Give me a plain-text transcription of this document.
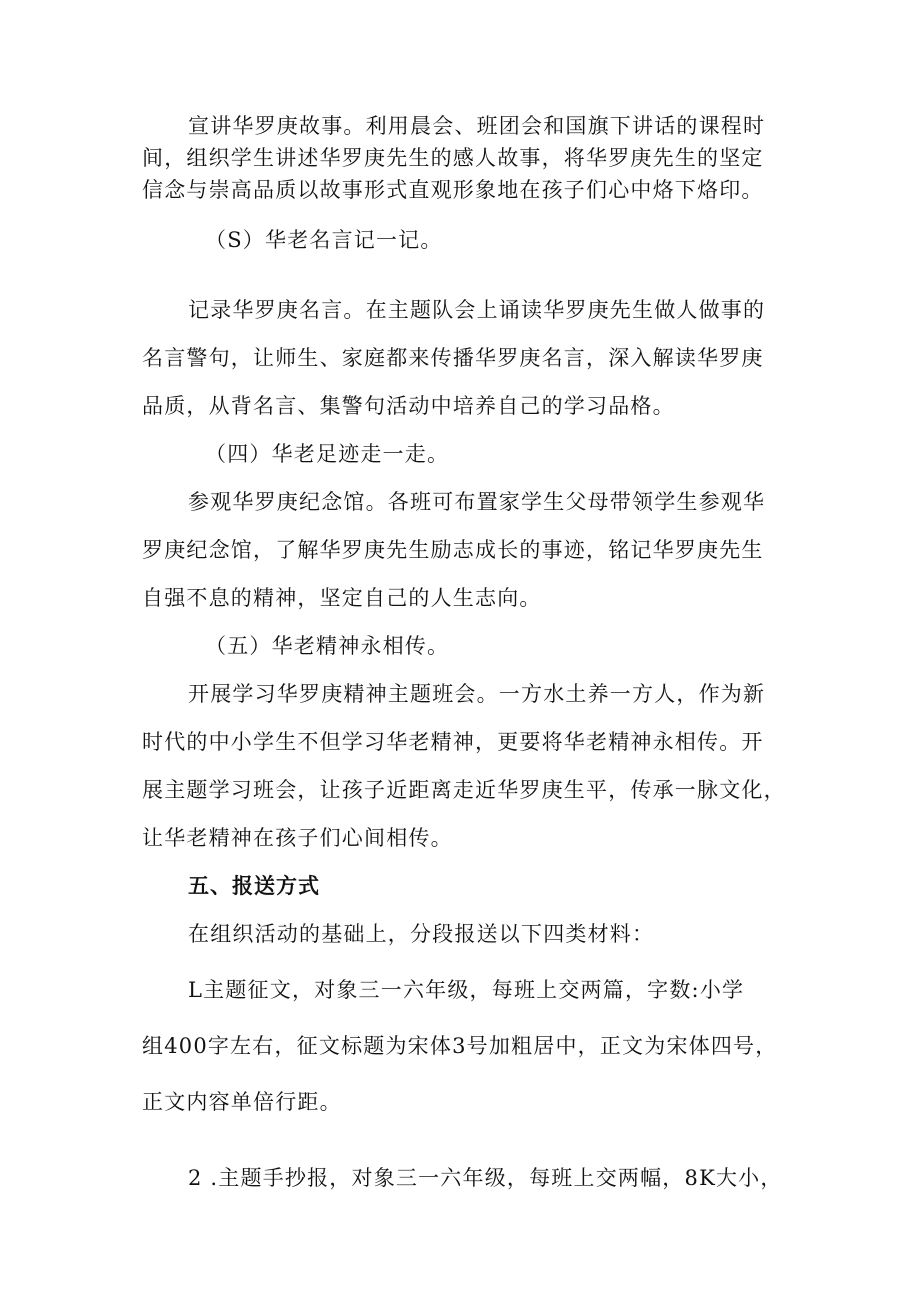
宣讲华罗庚故事。利用晨会、班团会和国旗下讲话的课程时
间，组织学生讲述华罗庚先生的感人故事，将华罗庚先生的坚定
信念与崇高品质以故事形式直观形象地在孩子们心中烙下烙印。
（S）华老名言记一记。
记录华罗庚名言。在主题队会上诵读华罗庚先生做人做事的
名言警句，让师生、家庭都来传播华罗庚名言，深入解读华罗庚
品质，从背名言、集警句活动中培养自己的学习品格。
（四）华老足迹走一走。
参观华罗庚纪念馆。各班可布置家学生父母带领学生参观华
罗庚纪念馆，了解华罗庚先生励志成长的事迹，铭记华罗庚先生
自强不息的精神，坚定自己的人生志向。
（五）华老精神永相传。
开展学习华罗庚精神主题班会。一方水土养一方人，作为新
时代的中小学生不但学习华老精神，更要将华老精神永相传。开
展主题学习班会，让孩子近距离走近华罗庚生平，传承一脉文化，
让华老精神在孩子们心间相传。
五、报送方式
在组织活动的基础上，分段报送以下四类材料：
L主题征文，对象三一六年级，每班上交两篇，字数:小学
组400字左右，征文标题为宋体3号加粗居中，正文为宋体四号，
正文内容单倍行距。
2 .主题手抄报，对象三一六年级，每班上交两幅，8K大小，
